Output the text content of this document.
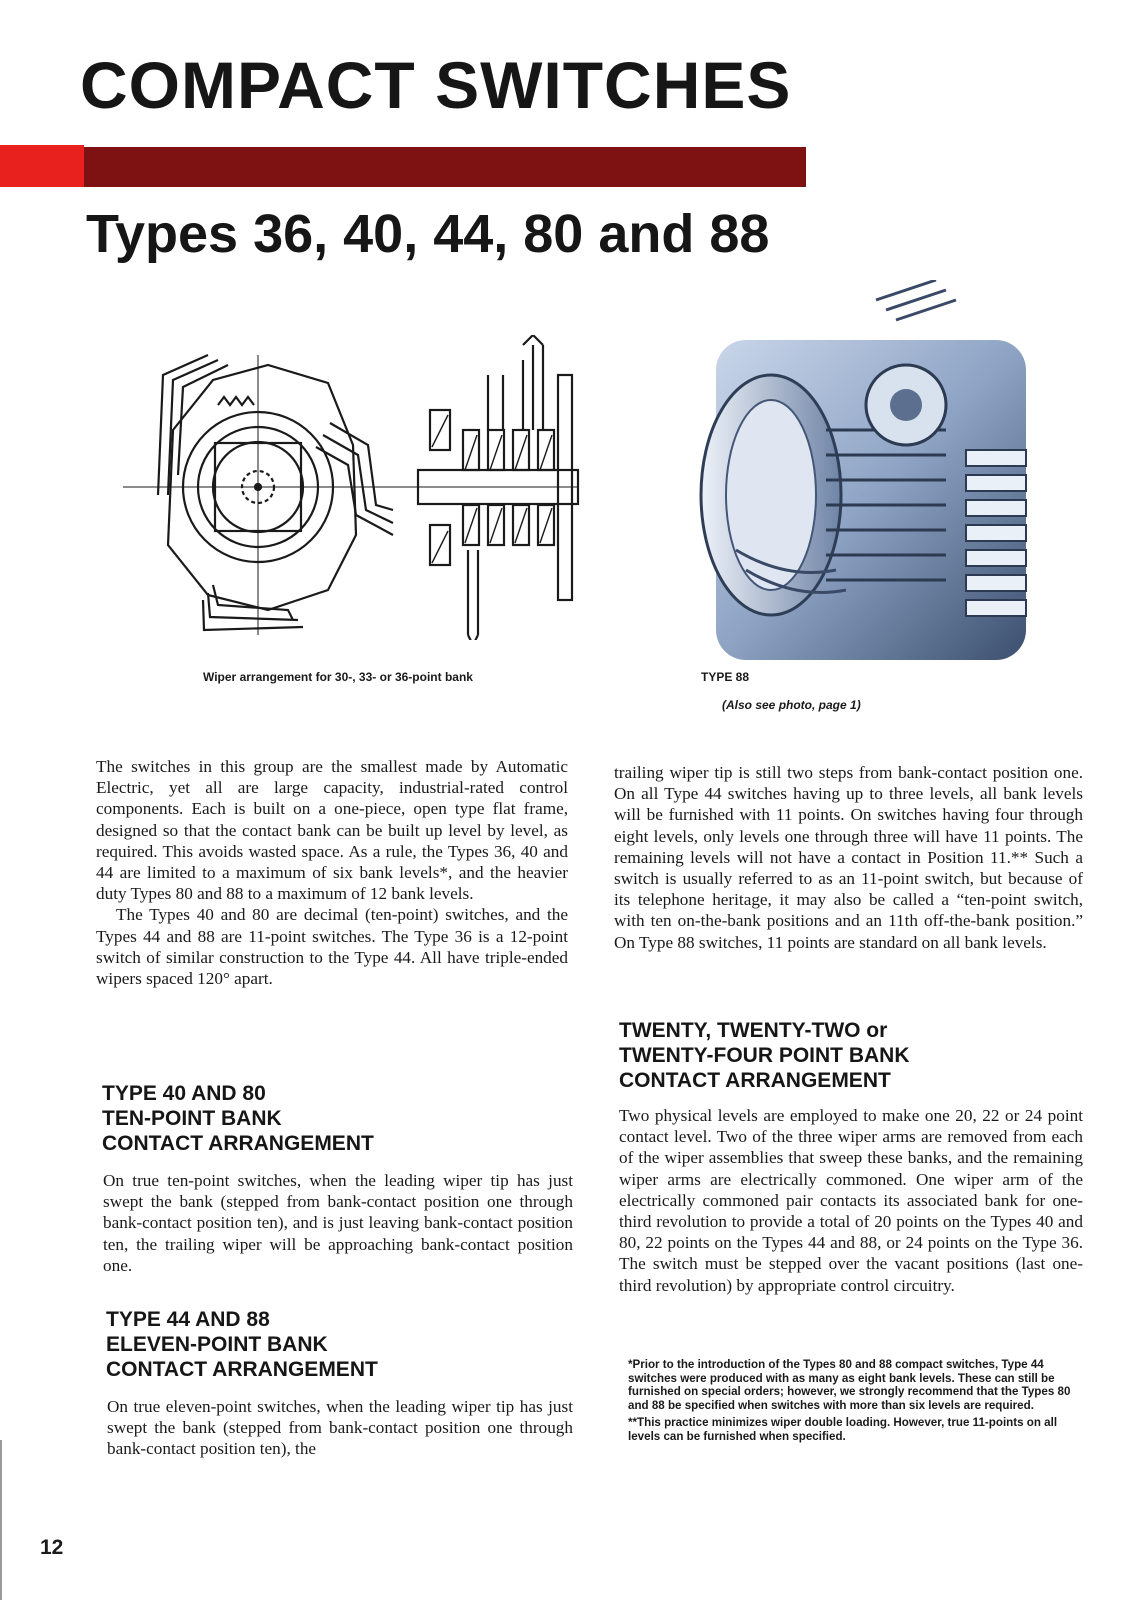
COMPACT SWITCHES
Types 36, 40, 44, 80 and 88
Wiper arrangement for 30-, 33- or 36-point bank	TYPE 88
(Also see photo, page 1)

The switches in this group are the smallest made by Automatic Electric, yet all are large capacity, industrial-rated control components. Each is built on a one-piece, open type flat frame, designed so that the contact bank can be built up level by level, as required. This avoids wasted space. As a rule, the Types 36, 40 and 44 are limited to a maximum of six bank levels*, and the heavier duty Types 80 and 88 to a maximum of 12 bank levels.

The Types 40 and 80 are decimal (ten-point) switches, and the Types 44 and 88 are 11-point switches. The Type 36 is a 12-point switch of similar construction to the Type 44. All have triple-ended wipers spaced 120° apart.

TYPE 40 AND 80
TEN-POINT BANK
CONTACT ARRANGEMENT

On true ten-point switches, when the leading wiper tip has just swept the bank (stepped from bank-contact position one through bank-contact position ten), and is just leaving bank-contact position ten, the trailing wiper will be approaching bank-contact position one.

TYPE 44 AND 88
ELEVEN-POINT BANK
CONTACT ARRANGEMENT

On true eleven-point switches, when the leading wiper tip has just swept the bank (stepped from bank-contact position one through bank-contact position ten), the

trailing wiper tip is still two steps from bank-contact position one. On all Type 44 switches having up to three levels, all bank levels will be furnished with 11 points. On switches having four through eight levels, only levels one through three will have 11 points. The remaining levels will not have a contact in Position 11.** Such a switch is usually referred to as an 11-point switch, but because of its telephone heritage, it may also be called a “ten-point switch, with ten on-the-bank positions and an 11th off-the-bank position.” On Type 88 switches, 11 points are standard on all bank levels.

TWENTY, TWENTY-TWO or
TWENTY-FOUR POINT BANK
CONTACT ARRANGEMENT

Two physical levels are employed to make one 20, 22 or 24 point contact level. Two of the three wiper arms are removed from each of the wiper assemblies that sweep these banks, and the remaining wiper arms are electrically commoned. One wiper arm of the electrically commoned pair contacts its associated bank for one-third revolution to provide a total of 20 points on the Types 40 and 80, 22 points on the Types 44 and 88, or 24 points on the Type 36. The switch must be stepped over the vacant positions (last one-third revolution) by appropriate control circuitry.

*Prior to the introduction of the Types 80 and 88 compact switches, Type 44 switches were produced with as many as eight bank levels. These can still be furnished on special orders; however, we strongly recommend that the Types 80 and 88 be specified when switches with more than six levels are required.

**This practice minimizes wiper double loading. However, true 11-points on all levels can be furnished when specified.

12
